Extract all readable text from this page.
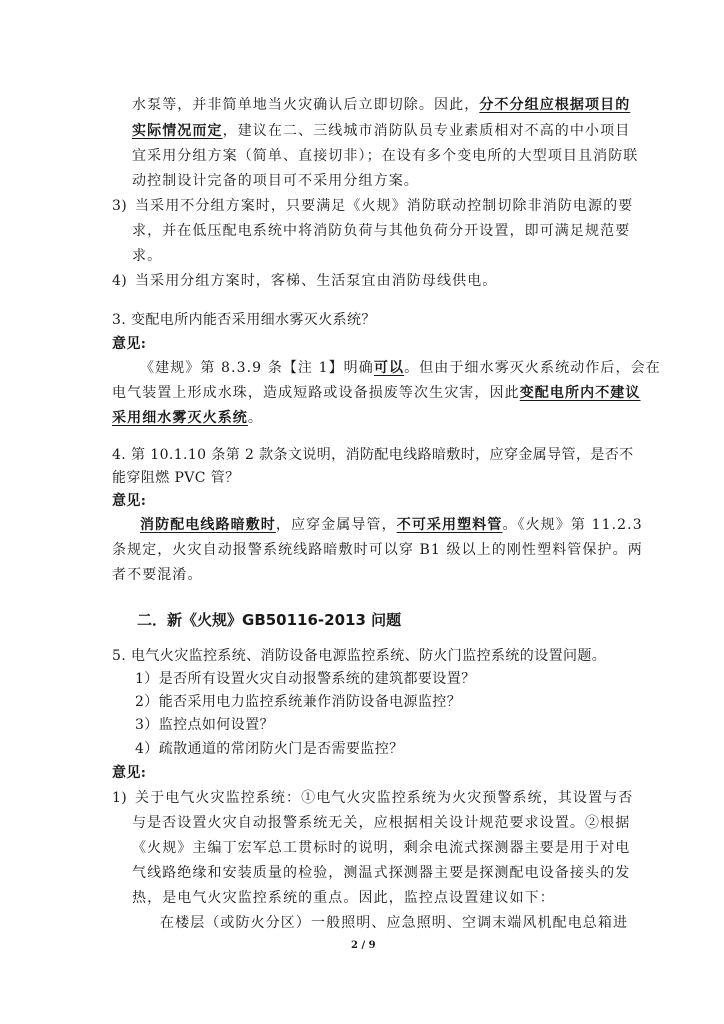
水泵等，并非简单地当火灾确认后立即切除。因此，分不分组应根据项目的
实际情况而定，建议在二、三线城市消防队员专业素质相对不高的中小项目
宜采用分组方案（简单、直接切非）；在设有多个变电所的大型项目且消防联
动控制设计完备的项目可不采用分组方案。
3) 当采用不分组方案时，只要满足《火规》消防联动控制切除非消防电源的要
求，并在低压配电系统中将消防负荷与其他负荷分开设置，即可满足规范要
求。
4) 当采用分组方案时，客梯、生活泵宜由消防母线供电。
3. 变配电所内能否采用细水雾灭火系统？
意见:
《建规》第 8.3.9 条【注 1】明确可以。但由于细水雾灭火系统动作后，会在
电气装置上形成水珠，造成短路或设备损废等次生灾害，因此变配电所内不建议
采用细水雾灭火系统。
4. 第 10.1.10 条第 2 款条文说明，消防配电线路暗敷时，应穿金属导管，是否不
能穿阻燃 PVC 管？
意见:
消防配电线路暗敷时，应穿金属导管，不可采用塑料管。《火规》第 11.2.3
条规定，火灾自动报警系统线路暗敷时可以穿 B1 级以上的刚性塑料管保护。两
者不要混淆。
二．新《火规》GB50116-2013 问题
5. 电气火灾监控系统、消防设备电源监控系统、防火门监控系统的设置问题。
1）是否所有设置火灾自动报警系统的建筑都要设置？
2）能否采用电力监控系统兼作消防设备电源监控？
3）监控点如何设置？
4）疏散通道的常闭防火门是否需要监控？
意见:
1) 关于电气火灾监控系统：①电气火灾监控系统为火灾预警系统，其设置与否
与是否设置火灾自动报警系统无关，应根据相关设计规范要求设置。②根据
《火规》主编丁宏军总工贯标时的说明，剩余电流式探测器主要是用于对电
气线路绝缘和安装质量的检验，测温式探测器主要是探测配电设备接头的发
热，是电气火灾监控系统的重点。因此，监控点设置建议如下：
在楼层（或防火分区）一般照明、应急照明、空调末端风机配电总箱进
2 / 9
